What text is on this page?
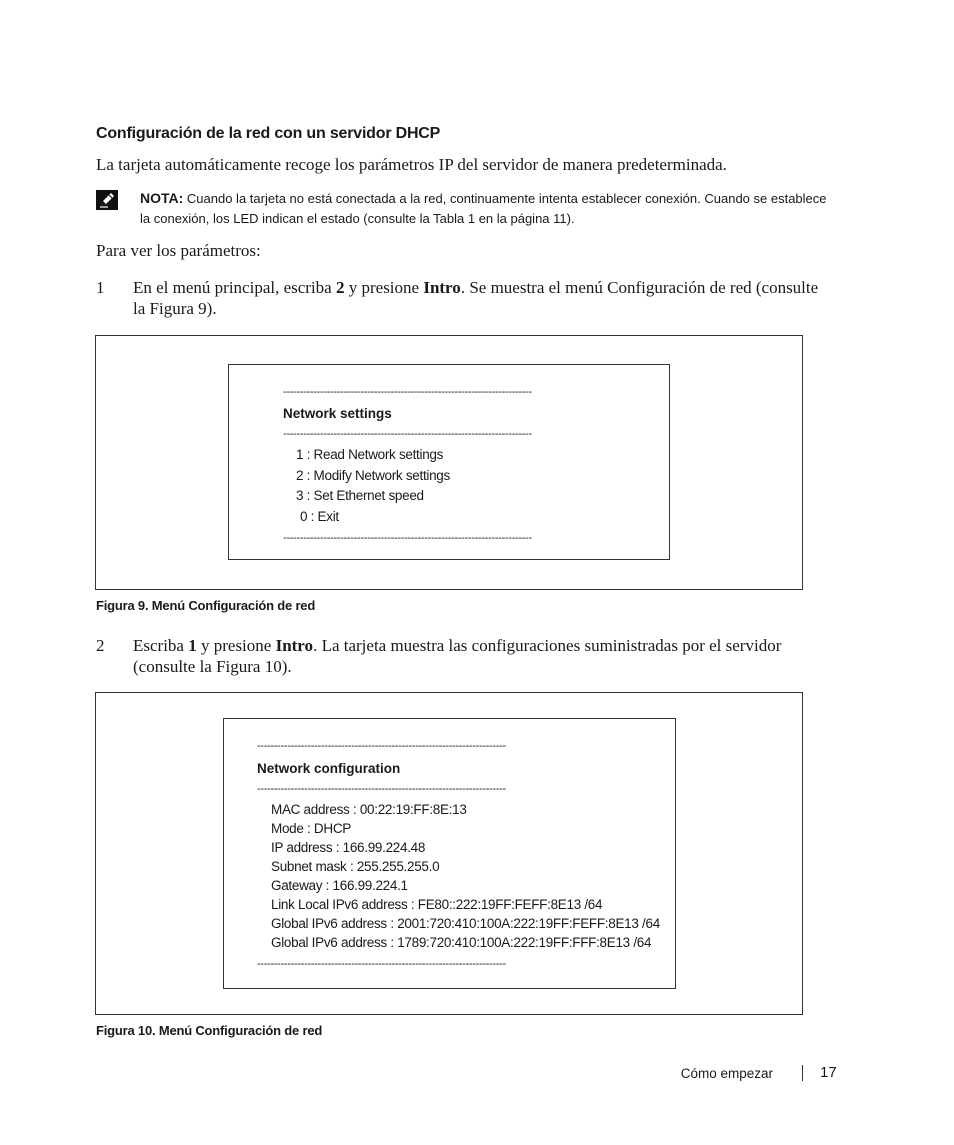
Configuración de la red con un servidor DHCP
La tarjeta automáticamente recoge los parámetros IP del servidor de manera predeterminada.
NOTA: Cuando la tarjeta no está conectada a la red, continuamente intenta establecer conexión. Cuando se establece la conexión, los LED indican el estado (consulte la Tabla 1 en la página 11).
Para ver los parámetros:
1 En el menú principal, escriba 2 y presione Intro. Se muestra el menú Configuración de red (consulte la Figura 9).
--------------------------------------------------------------------------
Network settings
--------------------------------------------------------------------------
1 : Read Network settings
2 : Modify Network settings
3 : Set Ethernet speed
0 : Exit
--------------------------------------------------------------------------
Figura 9. Menú Configuración de red
2 Escriba 1 y presione Intro. La tarjeta muestra las configuraciones suministradas por el servidor (consulte la Figura 10).
--------------------------------------------------------------------------
Network configuration
--------------------------------------------------------------------------
MAC address : 00:22:19:FF:8E:13
Mode : DHCP
IP address : 166.99.224.48
Subnet mask : 255.255.255.0
Gateway : 166.99.224.1
Link Local IPv6 address : FE80::222:19FF:FEFF:8E13 /64
Global IPv6 address : 2001:720:410:100A:222:19FF:FEFF:8E13 /64
Global IPv6 address : 1789:720:410:100A:222:19FF:FFF:8E13 /64
--------------------------------------------------------------------------
Figura 10. Menú Configuración de red
Cómo empezar	17
